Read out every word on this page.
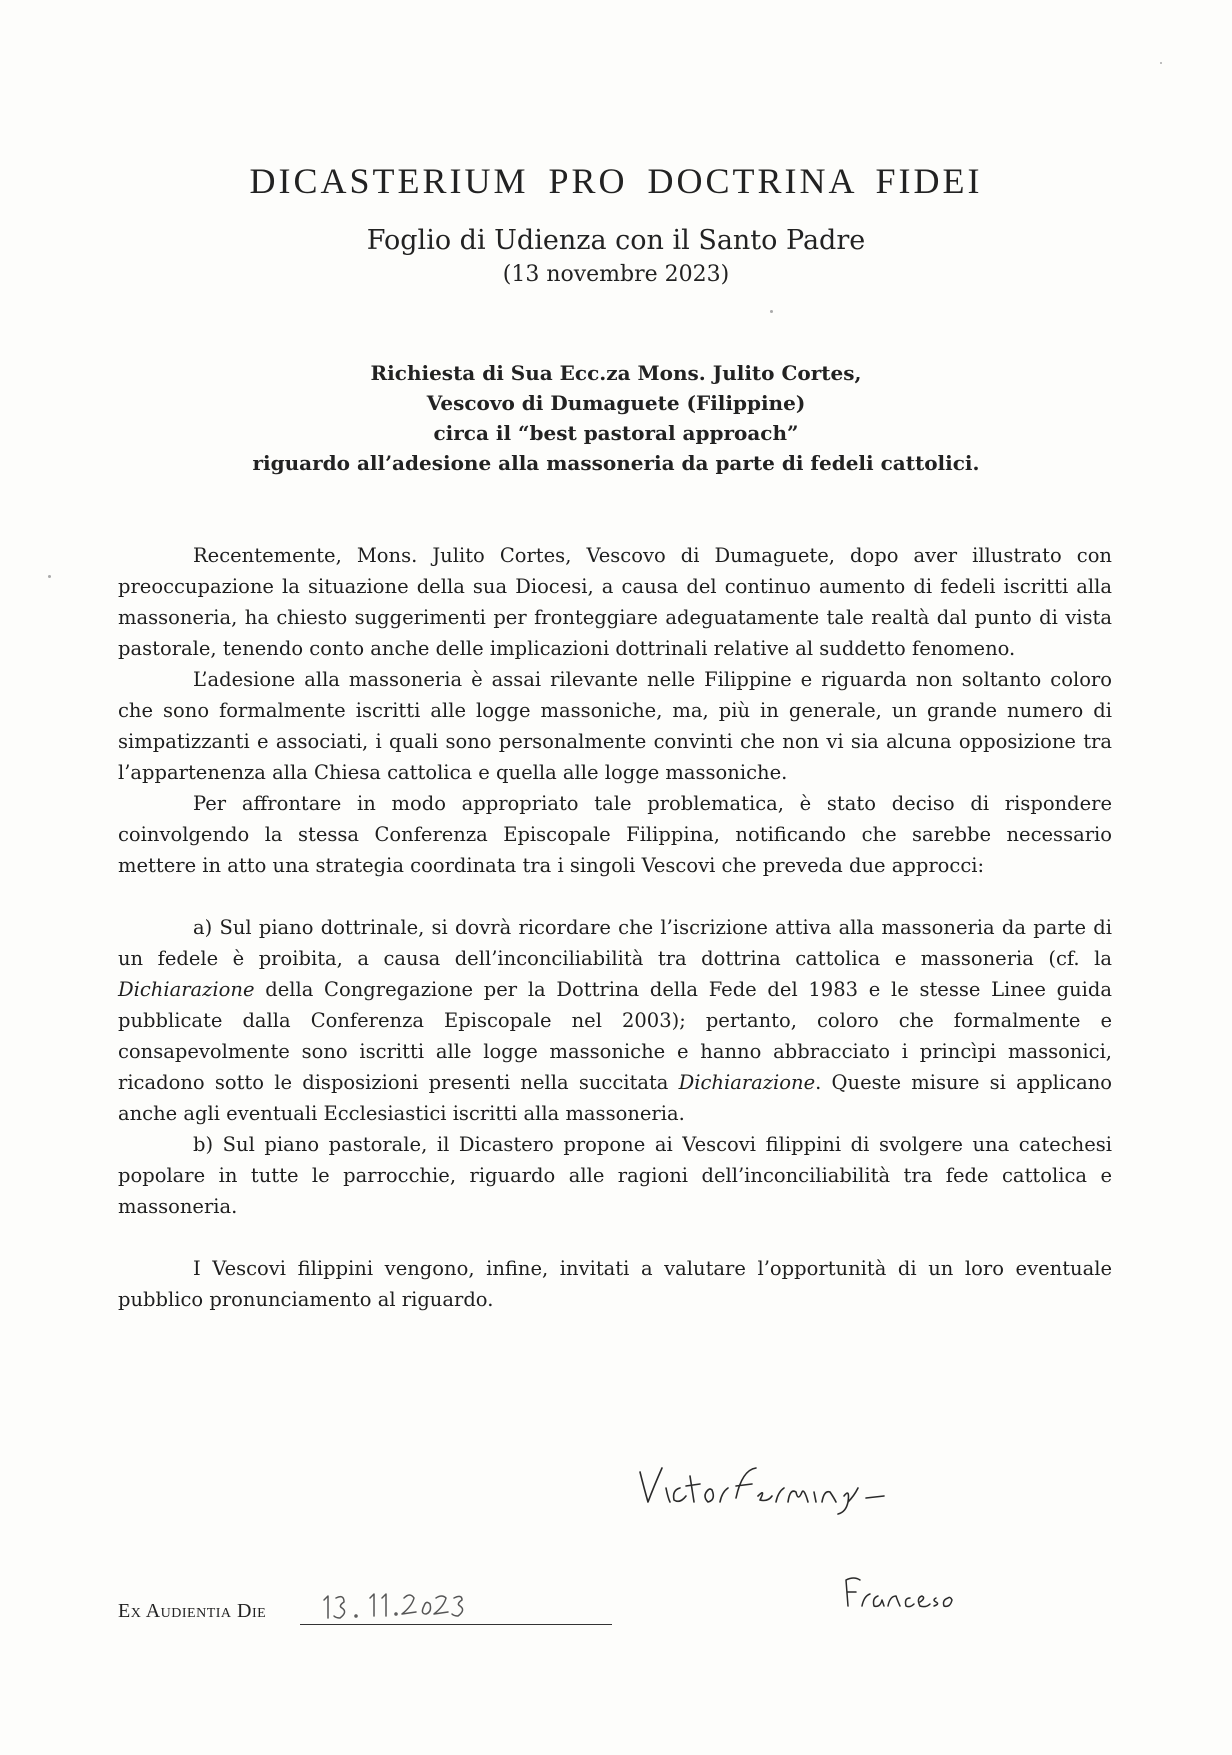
DICASTERIUM PRO DOCTRINA FIDEI
Foglio di Udienza con il Santo Padre
(13 novembre 2023)
Richiesta di Sua Ecc.za Mons. Julito Cortes,
Vescovo di Dumaguete (Filippine)
circa il “best pastoral approach”
riguardo all’adesione alla massoneria da parte di fedeli cattolici.

Recentemente, Mons. Julito Cortes, Vescovo di Dumaguete, dopo aver illustrato con preoccupazione la situazione della sua Diocesi, a causa del continuo aumento di fedeli iscritti alla massoneria, ha chiesto suggerimenti per fronteggiare adeguatamente tale realtà dal punto di vista pastorale, tenendo conto anche delle implicazioni dottrinali relative al suddetto fenomeno.

L’adesione alla massoneria è assai rilevante nelle Filippine e riguarda non soltanto coloro che sono formalmente iscritti alle logge massoniche, ma, più in generale, un grande numero di simpatizzanti e associati, i quali sono personalmente convinti che non vi sia alcuna opposizione tra l’appartenenza alla Chiesa cattolica e quella alle logge massoniche.

Per affrontare in modo appropriato tale problematica, è stato deciso di rispondere coinvolgendo la stessa Conferenza Episcopale Filippina, notificando che sarebbe necessario mettere in atto una strategia coordinata tra i singoli Vescovi che preveda due approcci:

a) Sul piano dottrinale, si dovrà ricordare che l’iscrizione attiva alla massoneria da parte di un fedele è proibita, a causa dell’inconciliabilità tra dottrina cattolica e massoneria (cf. la Dichiarazione della Congregazione per la Dottrina della Fede del 1983 e le stesse Linee guida pubblicate dalla Conferenza Episcopale nel 2003); pertanto, coloro che formalmente e consapevolmente sono iscritti alle logge massoniche e hanno abbracciato i princìpi massonici, ricadono sotto le disposizioni presenti nella succitata Dichiarazione. Queste misure si applicano anche agli eventuali Ecclesiastici iscritti alla massoneria.

b) Sul piano pastorale, il Dicastero propone ai Vescovi filippini di svolgere una catechesi popolare in tutte le parrocchie, riguardo alle ragioni dell’inconciliabilità tra fede cattolica e massoneria.

I Vescovi filippini vengono, infine, invitati a valutare l’opportunità di un loro eventuale pubblico pronunciamento al riguardo.

Ex Audientia Die
